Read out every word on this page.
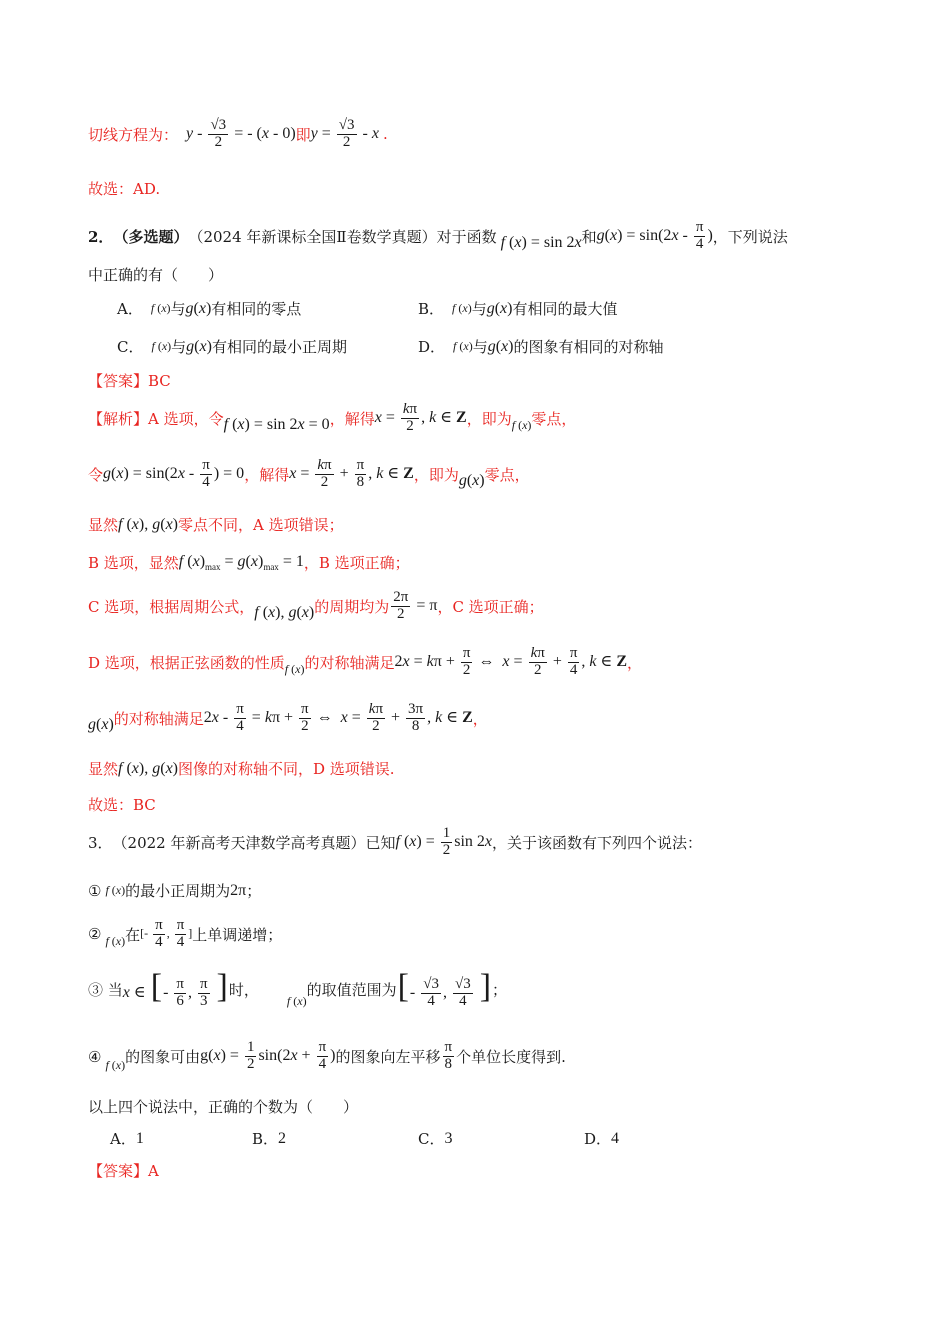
切线方程为： y - $\frac{√3}{2}$ = - (x - 0) 即 $y = \frac{√3}{2} - x$ .
故选：AD.
2． （多选题） （2024 年新课标全国Ⅱ卷数学真题）对于函数 f (x) = sin 2x 和 $g(x) = \sin(2x - \frac{\pi}{4}$ ) ，下列说法
中正确的有（　　）
A． f (x) 与 g(x) 有相同的零点	B． f (x) 与 g(x) 有相同的最大值
C． f (x) 与 g(x) 有相同的最小正周期	D． f (x) 与 g(x) 的图象有相同的对称轴
【答案】BC
【解析】 A 选项，令 f (x) = sin 2x = 0 ，解得 $x = \frac{k\pi}{2}$ , k ∈ Z ，即为 f (x) 零点，
令 $g(x) = \sin(2x - \frac{\pi}{4}$ ) = 0 ，解得 $x = \frac{k\pi}{2} + \frac{\pi}{8}$ , k ∈ Z ，即为 g(x) 零点，
显然 f (x), g(x) 零点不同，A 选项错误；
B 选项，显然 f $(x)_{max} = g(x)_{max} = 1$ ，B 选项正确；
C 选项，根据周期公式， f (x), g(x) 的周期均为 $\frac{2\pi}{2} = \pi$ ，C 选项正确；
D 选项，根据正弦函数的性质 f (x) 的对称轴满足 $2x = k\pi + \frac{\pi}{2}$ ⇔  $x = \frac{k\pi}{2} + \frac{\pi}{4}$ , k ∈ Z ，
g(x) 的对称轴满足 $2x - \frac{\pi}{4} = k\pi + \frac{\pi}{2}$ ⇔  $x = \frac{k\pi}{2} + \frac{3\pi}{8}$ , k ∈ Z ，
显然 f (x), g(x) 图像的对称轴不同，D 选项错误.
故选：BC
3． （2022 年新高考天津数学高考真题）已知 f $(x) = \frac{1}{2}$ sin 2x ，关于该函数有下列四个说法：
① f (x) 的最小正周期为 2π ；
② f (x) 在 [- $\frac{\pi}{4}$ , $\frac{\pi}{4}$ ] 上单调递增；
③ 当 x ∈ [- $\frac{\pi}{6}$ , $\frac{\pi}{3}$ ] 时，
f (x)
的取值范围为 [- $\frac{√3}{4}$ , $\frac{√3}{4}$ ] ；
④ f (x) 的图象可由 $g(x) = \frac{1}{2} \sin(2x + \frac{\pi}{4}$ ) 的图象向左平移 $\frac{\pi}{8}$ 个单位长度得到.
以上四个说法中，正确的个数为（　　）
A． 1	B． 2	C． 3	D． 4
【答案】A
